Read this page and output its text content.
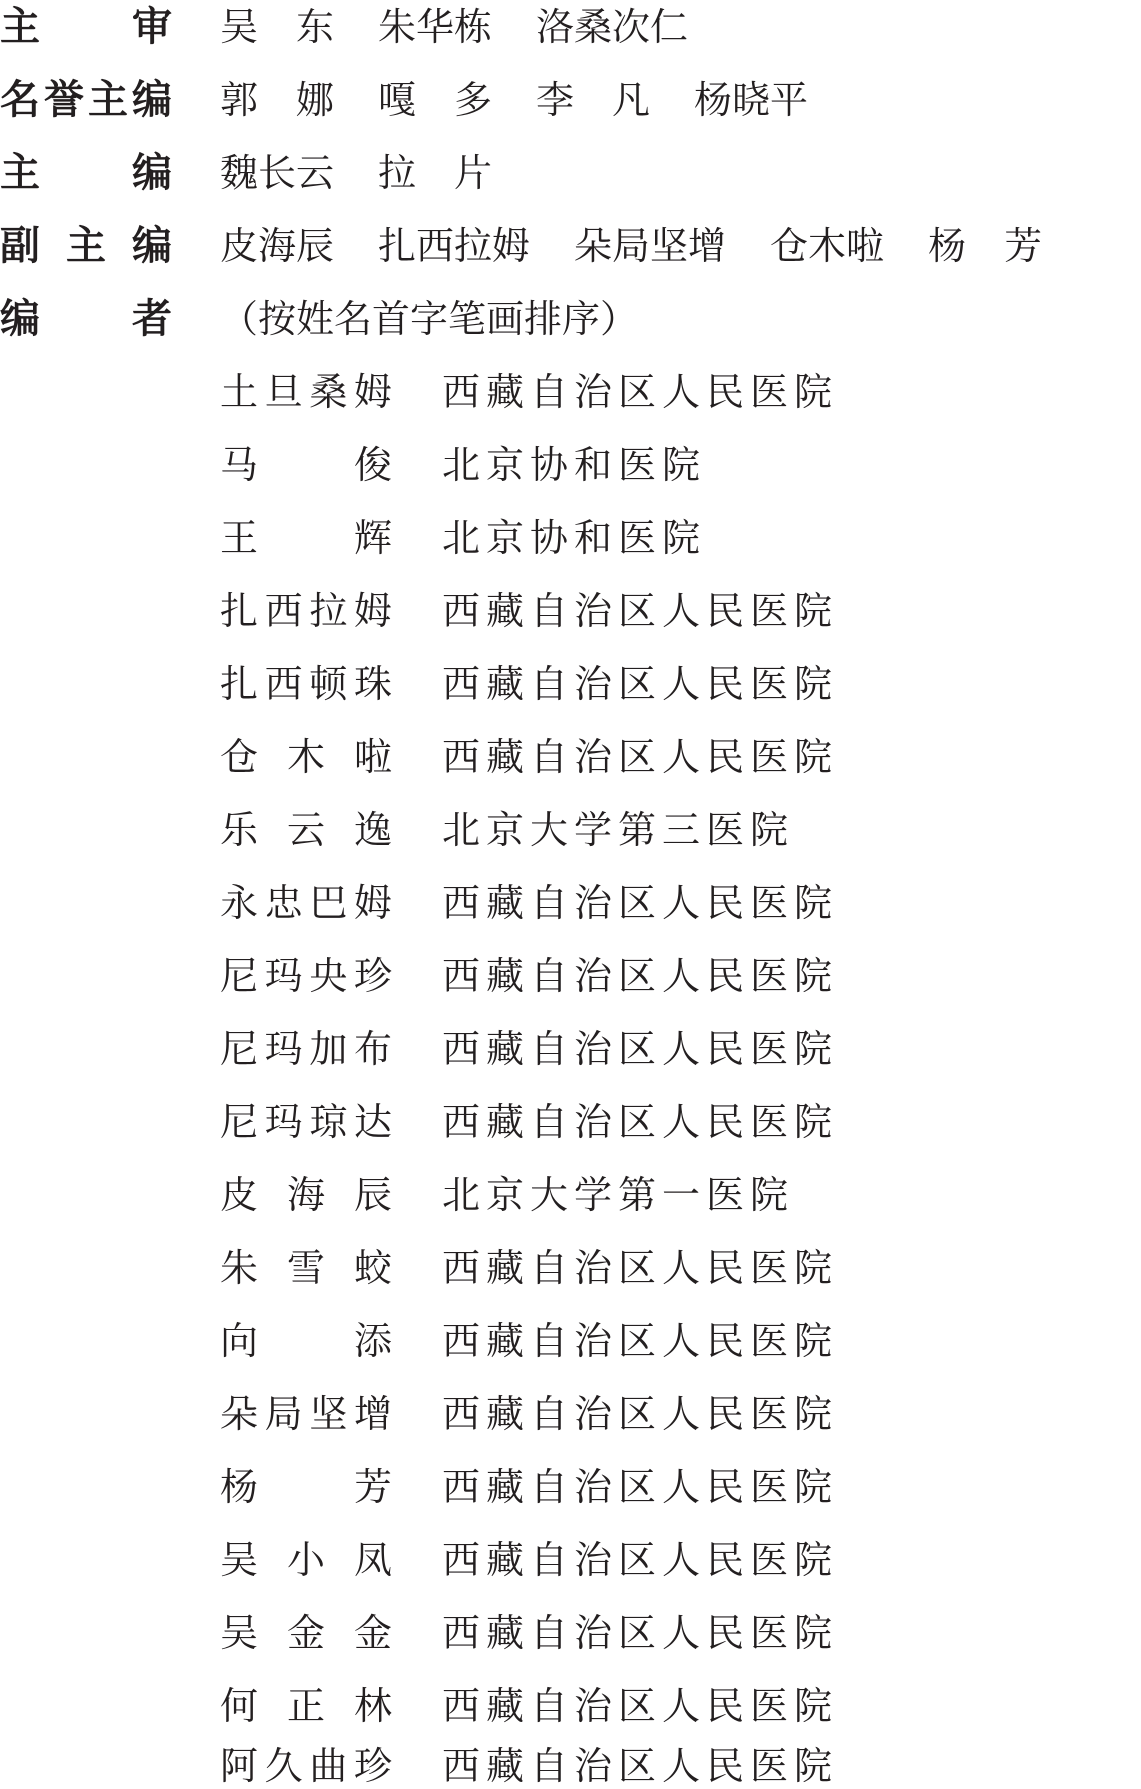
主 审 吴　东 朱华栋 洛桑次仁
名 誉 主 编 郭　娜 嘎　多 李　凡 杨晓平
主 编 魏长云 拉　片
副 主 编 皮海辰 扎西拉姆 朵局坚增 仓木啦 杨　芳
编 者 （按姓名首字笔画排序）
土 旦 桑 姆 西藏自治区人民医院
马	俊 北京协和医院
王	辉 北京协和医院
扎 西 拉 姆 西藏自治区人民医院
扎 西 顿 珠 西藏自治区人民医院
仓 木 啦 西藏自治区人民医院
乐 云 逸 北京大学第三医院
永 忠 巴 姆 西藏自治区人民医院
尼 玛 央 珍 西藏自治区人民医院
尼 玛 加 布 西藏自治区人民医院
尼 玛 琼 达 西藏自治区人民医院
皮 海 辰 北京大学第一医院
朱 雪 蛟 西藏自治区人民医院
向	添 西藏自治区人民医院
朵 局 坚 增 西藏自治区人民医院
杨	芳 西藏自治区人民医院
吴 小 凤 西藏自治区人民医院
吴 金 金 西藏自治区人民医院
何 正 林 西藏自治区人民医院
阿 久 曲 珍 西藏自治区人民医院
